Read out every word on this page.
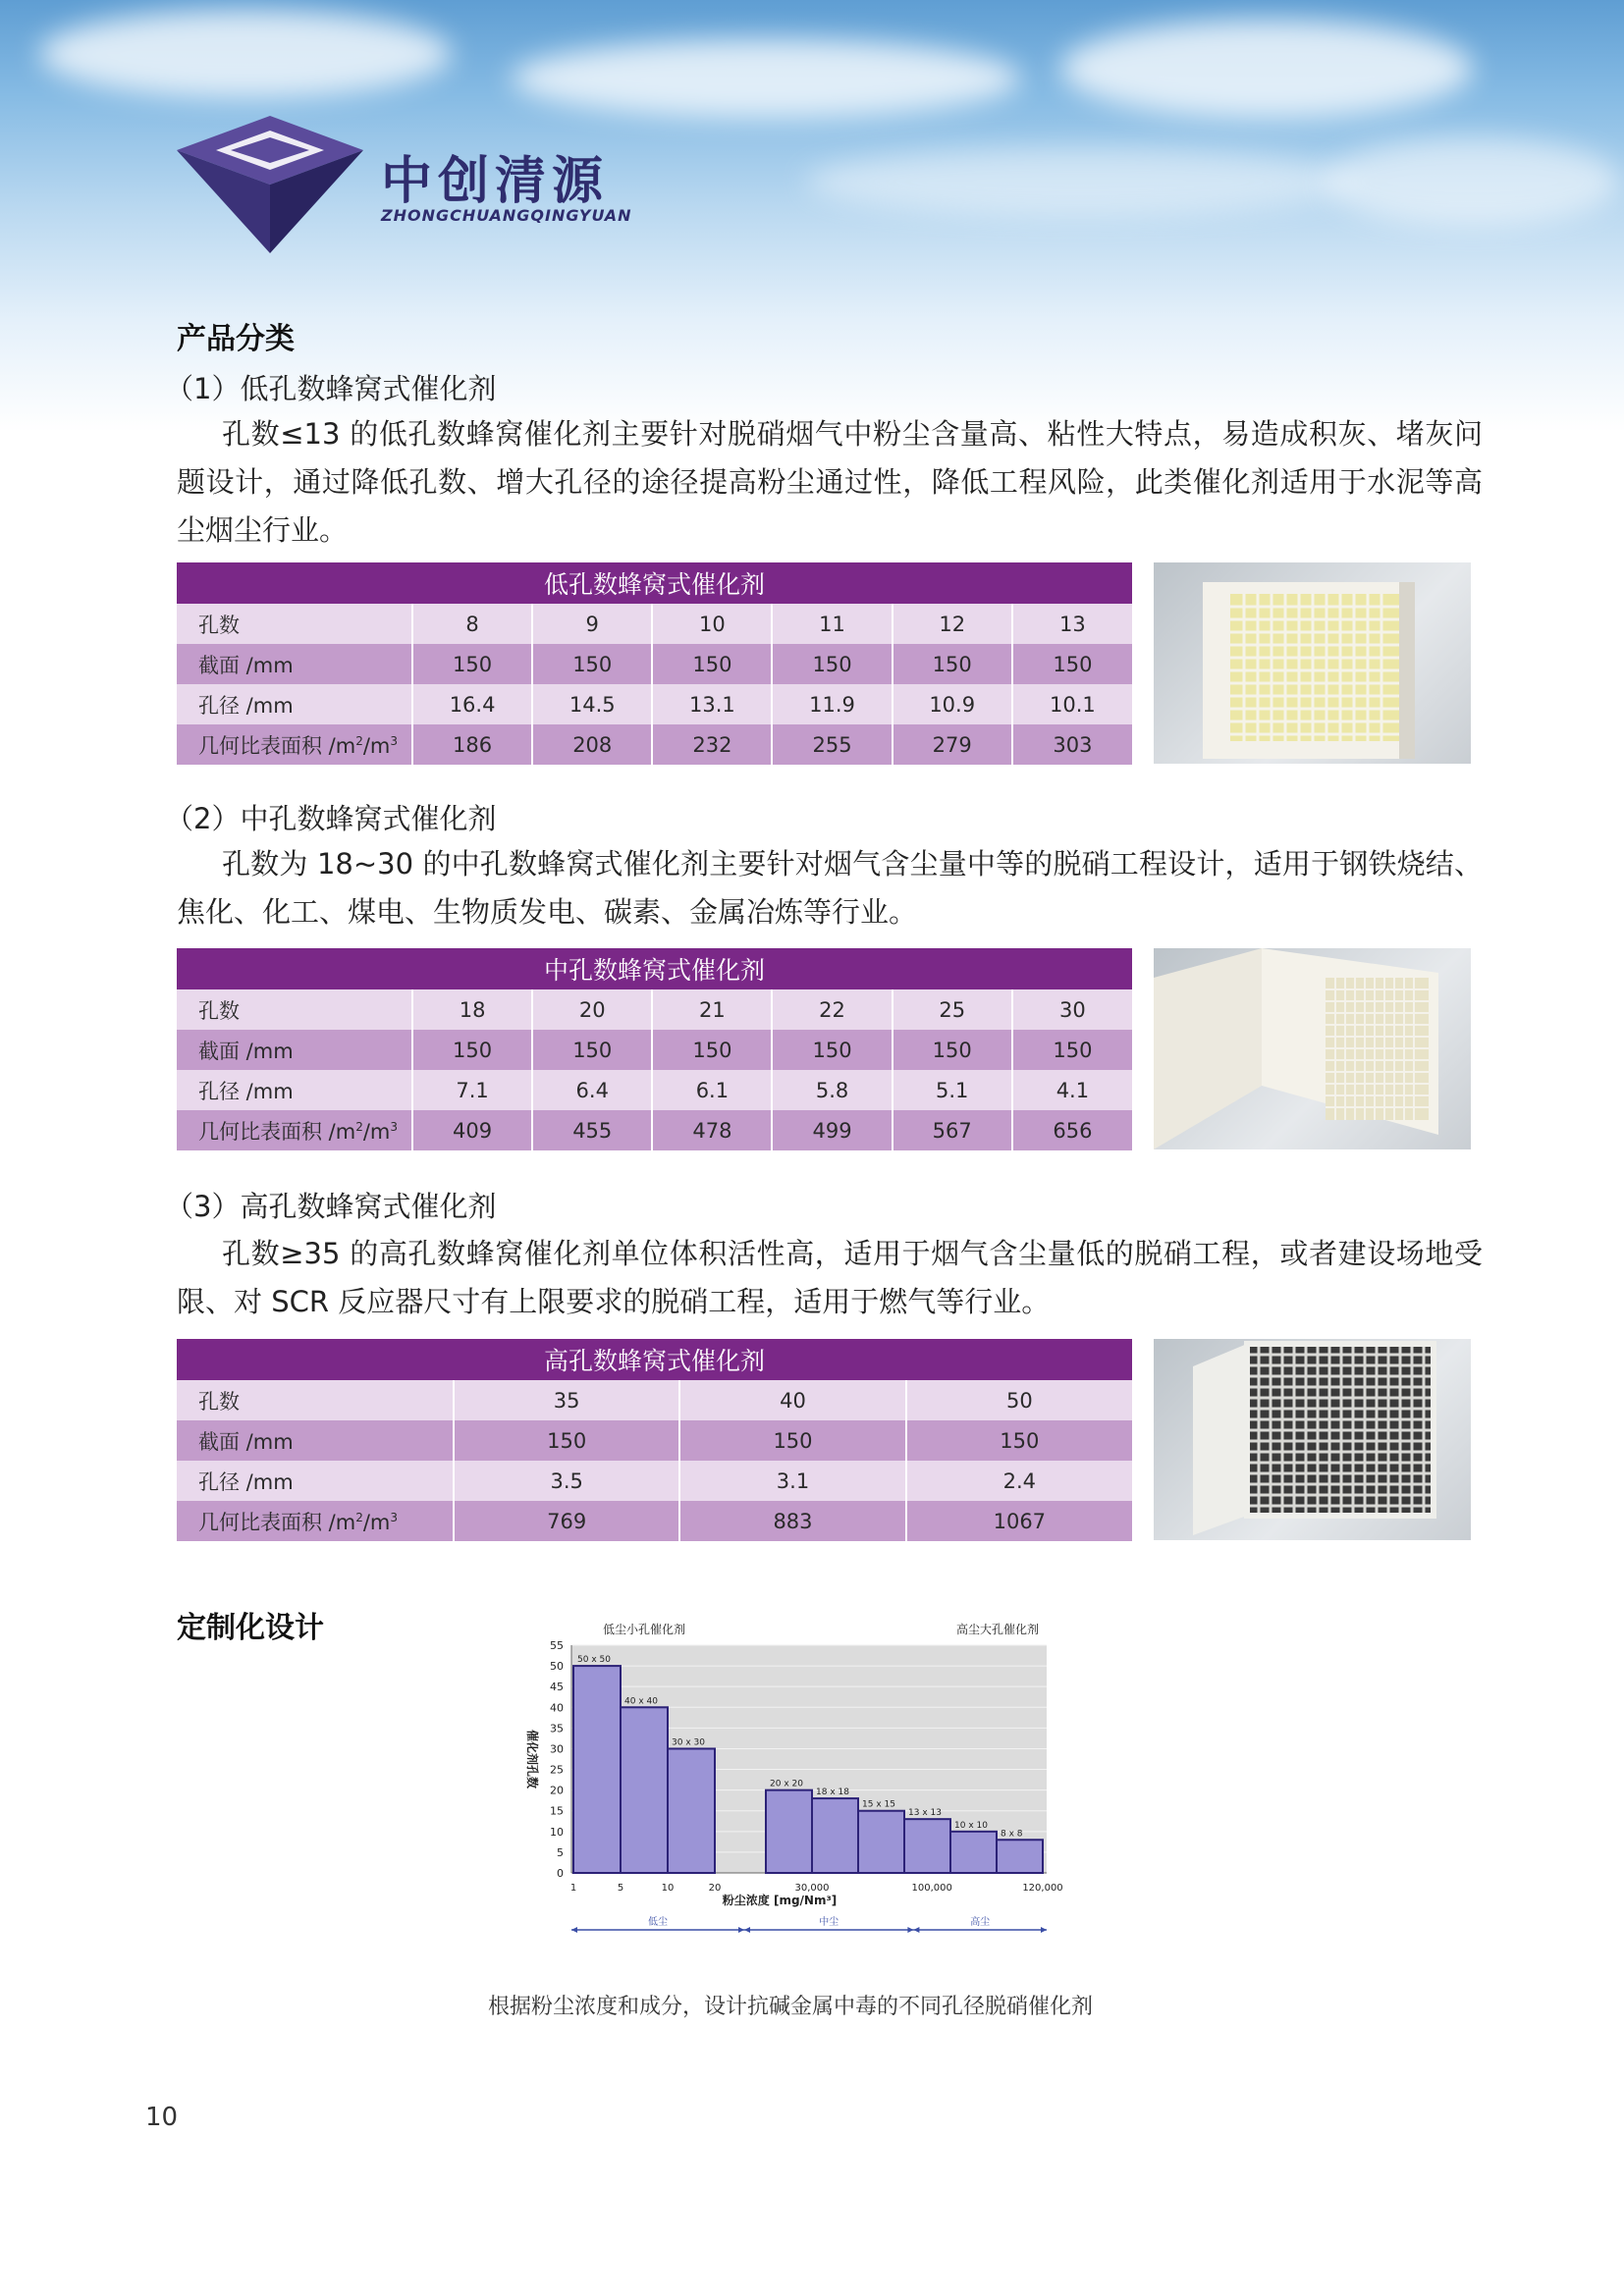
中创清源
ZHONGCHUANGQINGYUAN
产品分类
（1）低孔数蜂窝式催化剂
孔数≤13 的低孔数蜂窝催化剂主要针对脱硝烟气中粉尘含量高、粘性大特点，易造成积灰、堵灰问题设计，通过降低孔数、增大孔径的途径提高粉尘通过性，降低工程风险，此类催化剂适用于水泥等高尘烟尘行业。
低孔数蜂窝式催化剂						
孔数	8	9	10	11	12	13
截面 /mm	150	150	150	150	150	150
孔径 /mm	16.4	14.5	13.1	11.9	10.9	10.1
几何比表面积 $/m^2/m^3$	186	208	232	255	279	303
（2）中孔数蜂窝式催化剂
孔数为 18~30 的中孔数蜂窝式催化剂主要针对烟气含尘量中等的脱硝工程设计，适用于钢铁烧结、焦化、化工、煤电、生物质发电、碳素、金属冶炼等行业。
中孔数蜂窝式催化剂						
孔数	18	20	21	22	25	30
截面 /mm	150	150	150	150	150	150
孔径 /mm	7.1	6.4	6.1	5.8	5.1	4.1
几何比表面积 $/m^2/m^3$	409	455	478	499	567	656
（3）高孔数蜂窝式催化剂
孔数≥35 的高孔数蜂窝催化剂单位体积活性高，适用于烟气含尘量低的脱硝工程，或者建设场地受限、对 SCR 反应器尺寸有上限要求的脱硝工程，适用于燃气等行业。
高孔数蜂窝式催化剂			
孔数	35	40	50
截面 /mm	150	150	150
孔径 /mm	3.5	3.1	2.4
几何比表面积 $/m^2/m^3$	769	883	1067
定制化设计
50 x 50
40 x 40
30 x 30
20 x 20
18 x 18
15 x 15
13 x 13
10 x 10
8 x 8
0
5
10
15
20
25
30
35
40
45
50
55
1	5	10	20	30,000	100,000	120,000
低尘小孔催化剂	高尘大孔催化剂
催化剂孔数
粉尘浓度 [mg/Nm³]
低尘	中尘	高尘
根据粉尘浓度和成分，设计抗碱金属中毒的不同孔径脱硝催化剂
10
